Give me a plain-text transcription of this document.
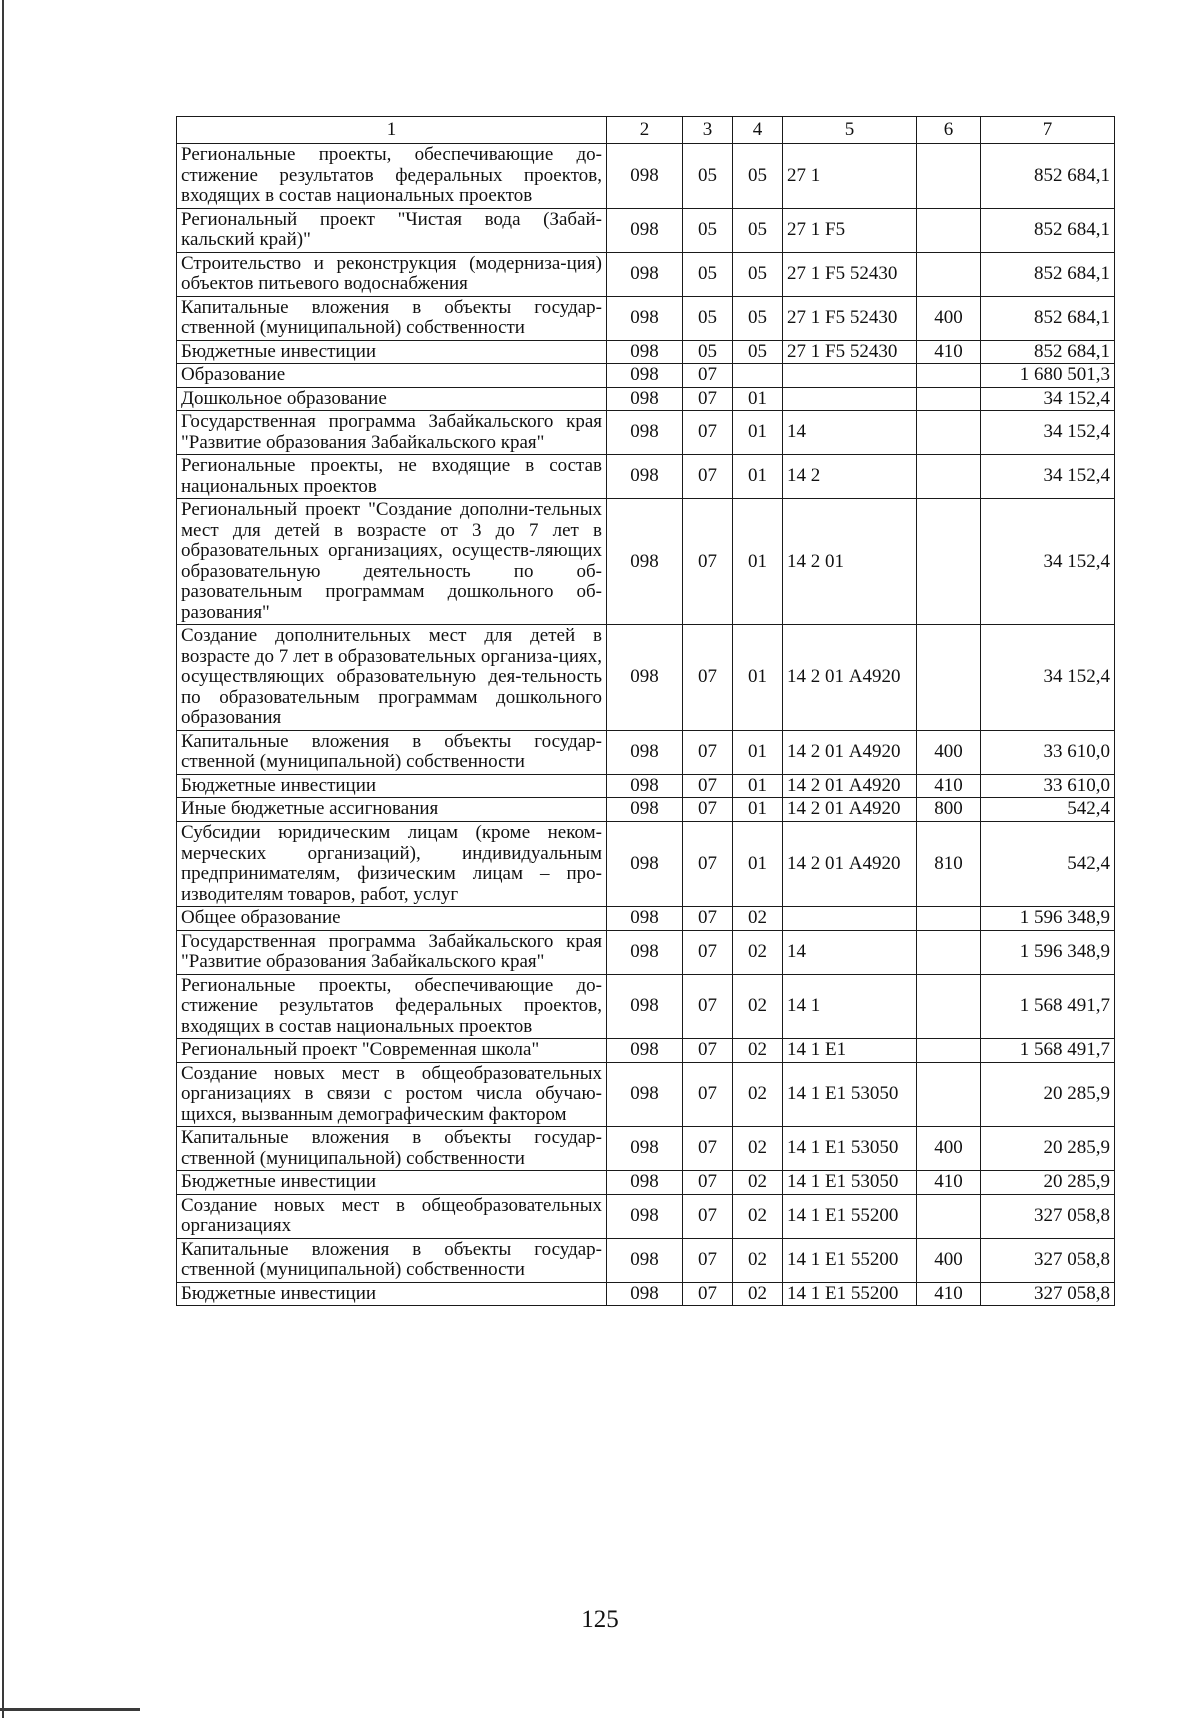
1	2	3	4	5	6	7
Региональные проекты, обеспечивающие до-стижение результатов федеральных проектов, входящих в состав национальных проектов	098	05	05	27 1		852 684,1
Региональный проект "Чистая вода (Забай-кальский край)"	098	05	05	27 1 F5		852 684,1
Строительство и реконструкция (модерниза-ция) объектов питьевого водоснабжения	098	05	05	27 1 F5 52430		852 684,1
Капитальные вложения в объекты государ-ственной (муниципальной) собственности	098	05	05	27 1 F5 52430	400	852 684,1
Бюджетные инвестиции	098	05	05	27 1 F5 52430	410	852 684,1
Образование	098	07				1 680 501,3
Дошкольное образование	098	07	01			34 152,4
Государственная программа Забайкальского края "Развитие образования Забайкальского края"	098	07	01	14		34 152,4
Региональные проекты, не входящие в состав национальных проектов	098	07	01	14 2		34 152,4
Региональный проект "Создание дополни-тельных мест для детей в возрасте от 3 до 7 лет в образовательных организациях, осуществ-ляющих образовательную деятельность по об-разовательным программам дошкольного об-разования"	098	07	01	14 2 01		34 152,4
Создание дополнительных мест для детей в возрасте до 7 лет в образовательных организа-циях, осуществляющих образовательную дея-тельность по образовательным программам дошкольного образования	098	07	01	14 2 01 А4920		34 152,4
Капитальные вложения в объекты государ-ственной (муниципальной) собственности	098	07	01	14 2 01 А4920	400	33 610,0
Бюджетные инвестиции	098	07	01	14 2 01 А4920	410	33 610,0
Иные бюджетные ассигнования	098	07	01	14 2 01 А4920	800	542,4
Субсидии юридическим лицам (кроме неком-мерческих организаций), индивидуальным предпринимателям, физическим лицам – про-изводителям товаров, работ, услуг	098	07	01	14 2 01 А4920	810	542,4
Общее образование	098	07	02			1 596 348,9
Государственная программа Забайкальского края "Развитие образования Забайкальского края"	098	07	02	14		1 596 348,9
Региональные проекты, обеспечивающие до-стижение результатов федеральных проектов, входящих в состав национальных проектов	098	07	02	14 1		1 568 491,7
Региональный проект "Современная школа"	098	07	02	14 1 Е1		1 568 491,7
Создание новых мест в общеобразовательных организациях в связи с ростом числа обучаю-щихся, вызванным демографическим фактором	098	07	02	14 1 Е1 53050		20 285,9
Капитальные вложения в объекты государ-ственной (муниципальной) собственности	098	07	02	14 1 Е1 53050	400	20 285,9
Бюджетные инвестиции	098	07	02	14 1 Е1 53050	410	20 285,9
Создание новых мест в общеобразовательных организациях	098	07	02	14 1 Е1 55200		327 058,8
Капитальные вложения в объекты государ-ственной (муниципальной) собственности	098	07	02	14 1 Е1 55200	400	327 058,8
Бюджетные инвестиции	098	07	02	14 1 Е1 55200	410	327 058,8
125
